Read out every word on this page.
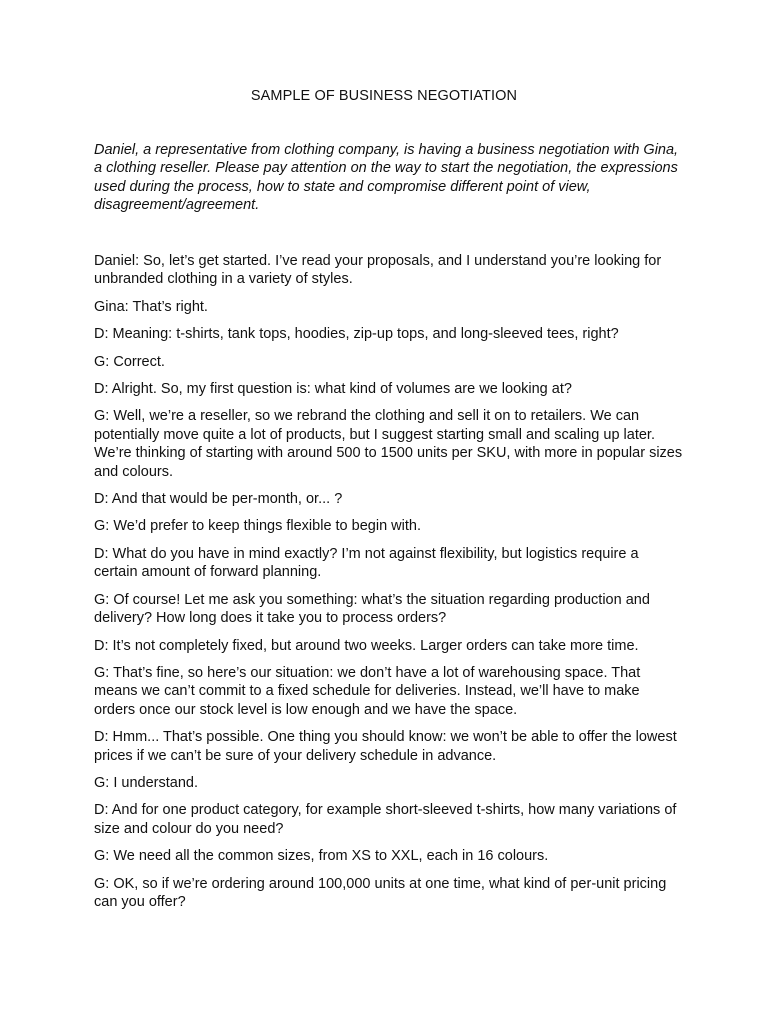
SAMPLE OF BUSINESS NEGOTIATION
Daniel, a representative from clothing company, is having a business negotiation with Gina, a clothing reseller. Please pay attention on the way to start the negotiation, the expressions used during the process, how to state and compromise different point of view, disagreement/agreement.

Daniel: So, let’s get started. I’ve read your proposals, and I understand you’re looking for unbranded clothing in a variety of styles.

Gina: That’s right.

D: Meaning: t-shirts, tank tops, hoodies, zip-up tops, and long-sleeved tees, right?

G: Correct.

D: Alright. So, my first question is: what kind of volumes are we looking at?

G: Well, we’re a reseller, so we rebrand the clothing and sell it on to retailers. We can potentially move quite a lot of products, but I suggest starting small and scaling up later. We’re thinking of starting with around 500 to 1500 units per SKU, with more in popular sizes and colours.

D: And that would be per-month, or... ?

G: We’d prefer to keep things flexible to begin with.

D: What do you have in mind exactly? I’m not against flexibility, but logistics require a certain amount of forward planning.

G: Of course! Let me ask you something: what’s the situation regarding production and delivery? How long does it take you to process orders?

D: It’s not completely fixed, but around two weeks. Larger orders can take more time.

G: That’s fine, so here’s our situation: we don’t have a lot of warehousing space. That means we can’t commit to a fixed schedule for deliveries. Instead, we’ll have to make orders once our stock level is low enough and we have the space.

D: Hmm... That’s possible. One thing you should know: we won’t be able to offer the lowest prices if we can’t be sure of your delivery schedule in advance.

G: I understand.

D: And for one product category, for example short-sleeved t-shirts, how many variations of size and colour do you need?

G: We need all the common sizes, from XS to XXL, each in 16 colours.

G: OK, so if we’re ordering around 100,000 units at one time, what kind of per-unit pricing can you offer?
